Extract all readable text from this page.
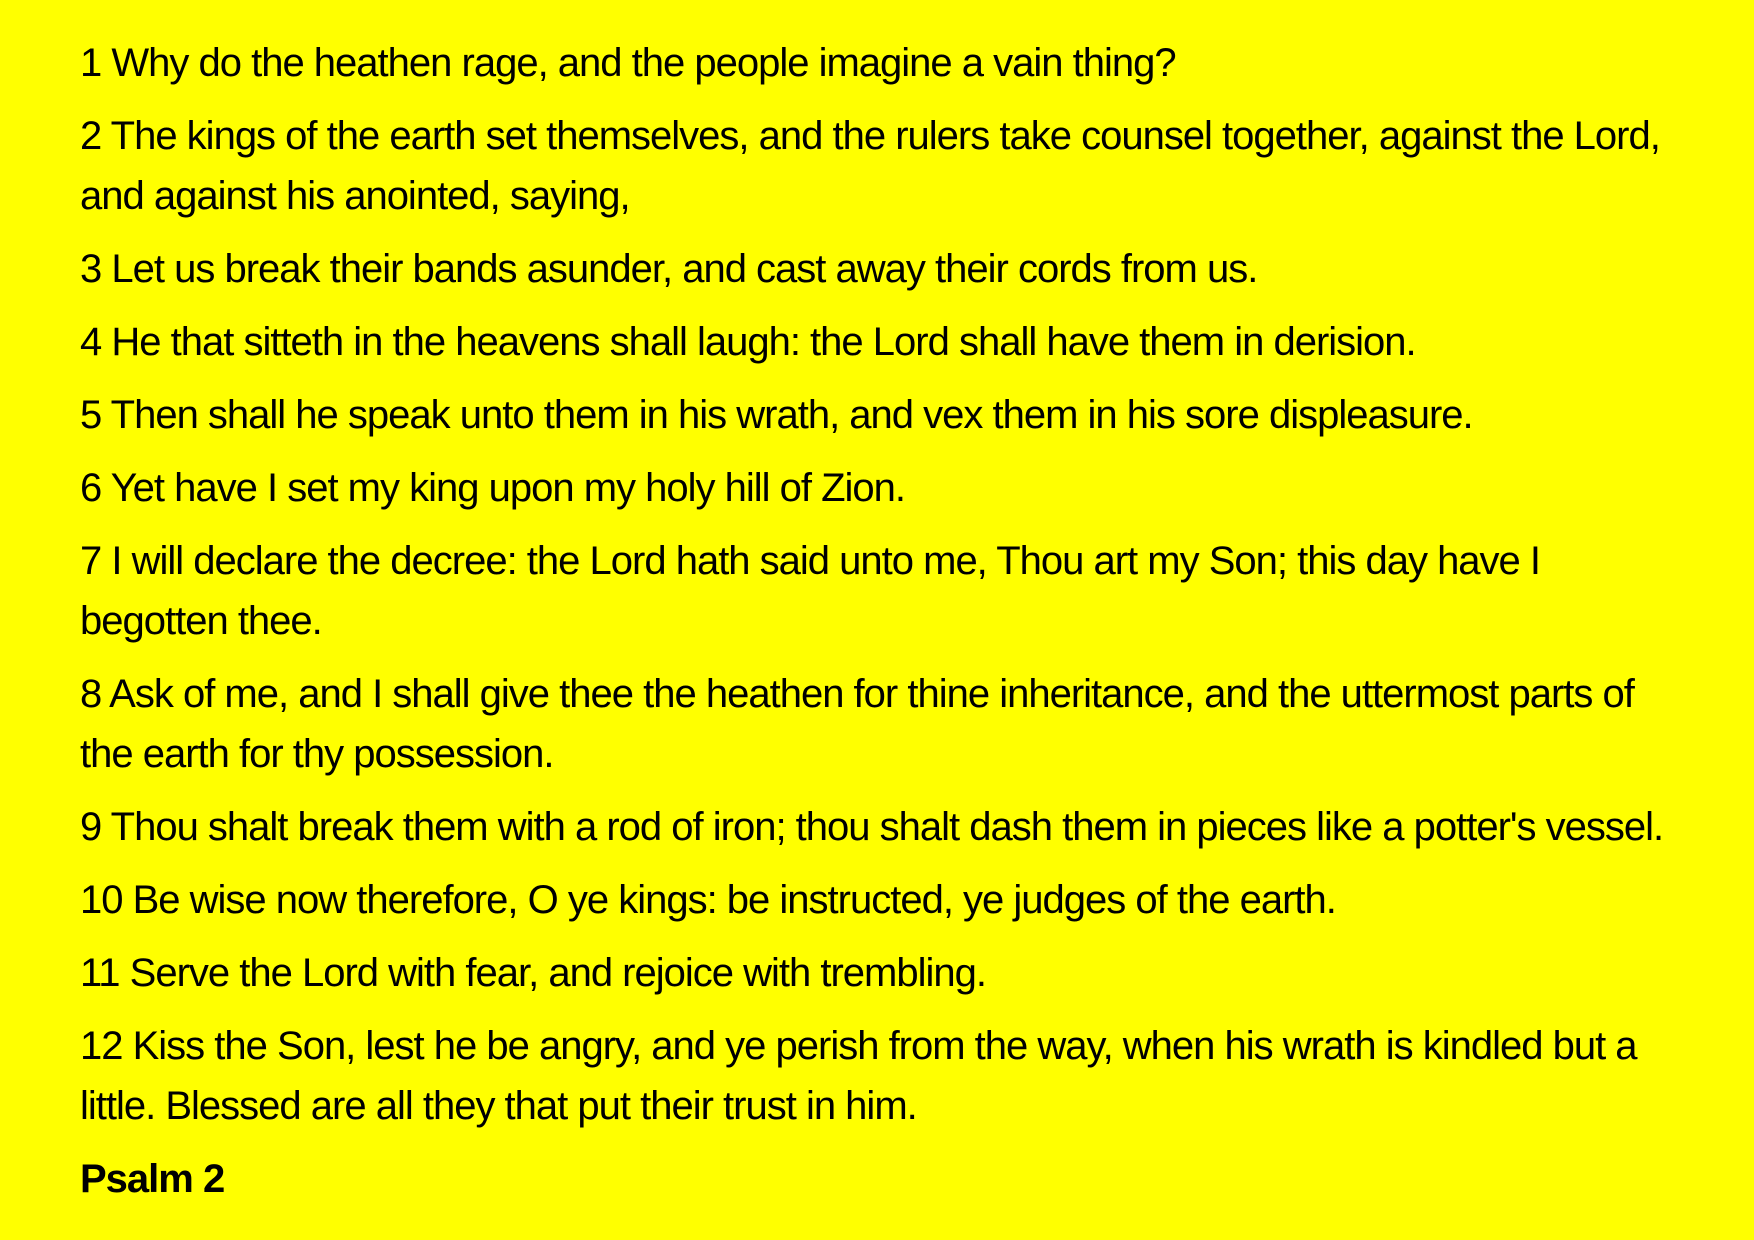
1 Why do the heathen rage, and the people imagine a vain thing?

2 The kings of the earth set themselves, and the rulers take counsel together, against the Lord, and against his anointed, saying,

3 Let us break their bands asunder, and cast away their cords from us.

4 He that sitteth in the heavens shall laugh: the Lord shall have them in derision.

5 Then shall he speak unto them in his wrath, and vex them in his sore displeasure.

6 Yet have I set my king upon my holy hill of Zion.

7 I will declare the decree: the Lord hath said unto me, Thou art my Son; this day have I begotten thee.

8 Ask of me, and I shall give thee the heathen for thine inheritance, and the uttermost parts of the earth for thy possession.

9 Thou shalt break them with a rod of iron; thou shalt dash them in pieces like a potter's vessel.

10 Be wise now therefore, O ye kings: be instructed, ye judges of the earth.

11 Serve the Lord with fear, and rejoice with trembling.

12 Kiss the Son, lest he be angry, and ye perish from the way, when his wrath is kindled but a little. Blessed are all they that put their trust in him.

Psalm 2
